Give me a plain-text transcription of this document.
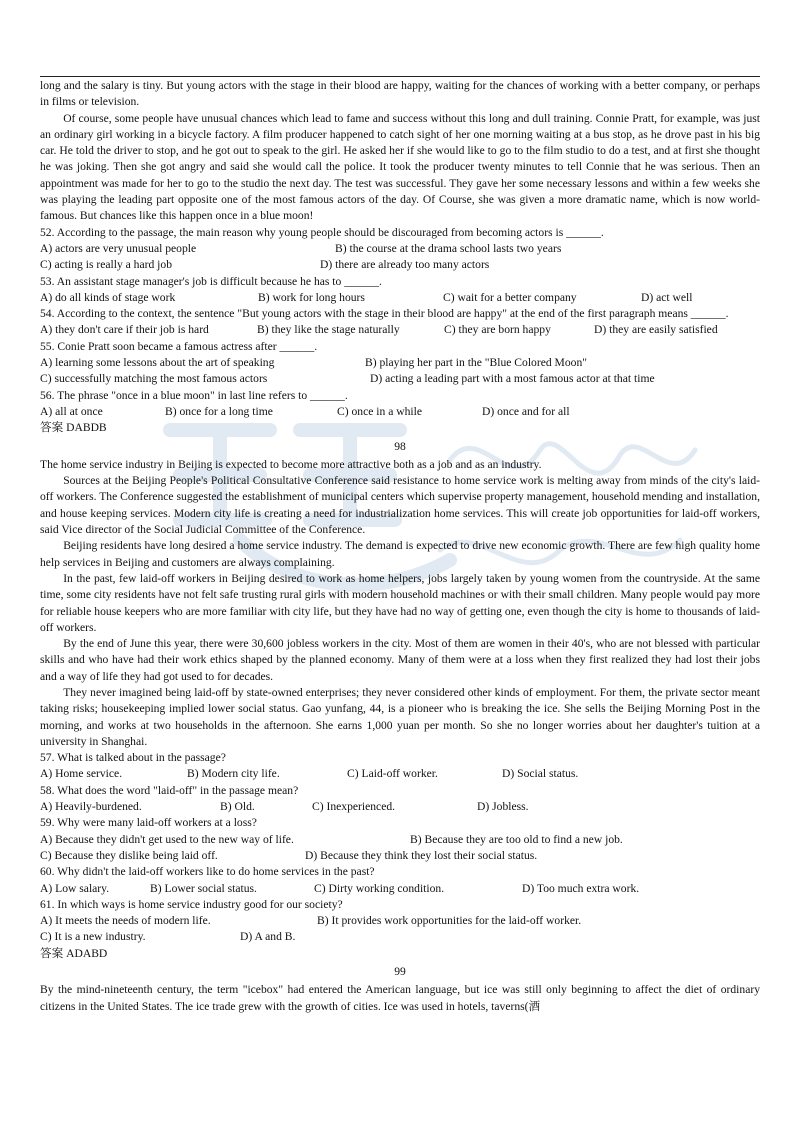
long and the salary is tiny. But young actors with the stage in their blood are happy, waiting for the chances of working with a better company, or perhaps in films or television.

Of course, some people have unusual chances which lead to fame and success without this long and dull training. Connie Pratt, for example, was just an ordinary girl working in a bicycle factory. A film producer happened to catch sight of her one morning waiting at a bus stop, as he drove past in his big car. He told the driver to stop, and he got out to speak to the girl. He asked her if she would like to go to the film studio to do a test, and at first she thought he was joking. Then she got angry and said she would call the police. It took the producer twenty minutes to tell Connie that he was serious. Then an appointment was made for her to go to the studio the next day. The test was successful. They gave her some necessary lessons and within a few weeks she was playing the leading part opposite one of the most famous actors of the day. Of Course, she was given a more dramatic name, which is now world-famous. But chances like this happen once in a blue moon!

52. According to the passage, the main reason why young people should be discouraged from becoming actors is ______.

A) actors are very unusual people	B) the course at the drama school lasts two years
C) acting is really a hard job	D) there are already too many actors

53. An assistant stage manager's job is difficult because he has to ______.

A) do all kinds of stage work	B) work for long hours	C) wait for a better company	D) act well

54. According to the context, the sentence "But young actors with the stage in their blood are happy" at the end of the first paragraph means ______.

A) they don't care if their job is hard	B) they like the stage naturally	C) they are born happy	D) they are easily satisfied

55. Conie Pratt soon became a famous actress after ______.

A) learning some lessons about the art of speaking	B) playing her part in the "Blue Colored Moon"
C) successfully matching the most famous actors	D) acting a leading part with a most famous actor at that time

56. The phrase "once in a blue moon" in last line refers to ______.

A) all at once	B) once for a long time	C) once in a while	D) once and for all

答案 DABDB

98

The home service industry in Beijing is expected to become more attractive both as a job and as an industry.

Sources at the Beijing People's Political Consultative Conference said resistance to home service work is melting away from minds of the city's laid-off workers. The Conference suggested the establishment of municipal centers which supervise property management, household mending and installation, and house keeping services. Modern city life is creating a need for industrialization home services. This will create job opportunities for laid-off workers, said Vice director of the Social Judicial Committee of the Conference.

Beijing residents have long desired a home service industry. The demand is expected to drive new economic growth. There are few high quality home help services in Beijing and customers are always complaining.

In the past, few laid-off workers in Beijing desired to work as home helpers, jobs largely taken by young women from the countryside. At the same time, some city residents have not felt safe trusting rural girls with modern household machines or with their small children. Many people would pay more for reliable house keepers who are more familiar with city life, but they have had no way of getting one, even though the city is home to thousands of laid-off workers.

By the end of June this year, there were 30,600 jobless workers in the city. Most of them are women in their 40's, who are not blessed with particular skills and who have had their work ethics shaped by the planned economy. Many of them were at a loss when they first realized they had lost their jobs and a way of life they had got used to for decades.

They never imagined being laid-off by state-owned enterprises; they never considered other kinds of employment. For them, the private sector meant taking risks; housekeeping implied lower social status. Gao yunfang, 44, is a pioneer who is breaking the ice. She sells the Beijing Morning Post in the morning, and works at two households in the afternoon. She earns 1,000 yuan per month. So she no longer worries about her daughter's tuition at a university in Shanghai.

57. What is talked about in the passage?

A) Home service.	B) Modern city life.	C) Laid-off worker.	D) Social status.

58. What does the word "laid-off" in the passage mean?

A) Heavily-burdened.	B) Old.	C) Inexperienced.	D) Jobless.

59. Why were many laid-off workers at a loss?

A) Because they didn't get used to the new way of life.	B) Because they are too old to find a new job.
C) Because they dislike being laid off.	D) Because they think they lost their social status.

60. Why didn't the laid-off workers like to do home services in the past?

A) Low salary.	B) Lower social status.	C) Dirty working condition.	D) Too much extra work.

61. In which ways is home service industry good for our society?

A) It meets the needs of modern life.	B) It provides work opportunities for the laid-off worker.
C) It is a new industry.	D) A and B.

答案 ADABD

99

By the mind-nineteenth century, the term "icebox" had entered the American language, but ice was still only beginning to affect the diet of ordinary citizens in the United States. The ice trade grew with the growth of cities. Ice was used in hotels, taverns(酒
